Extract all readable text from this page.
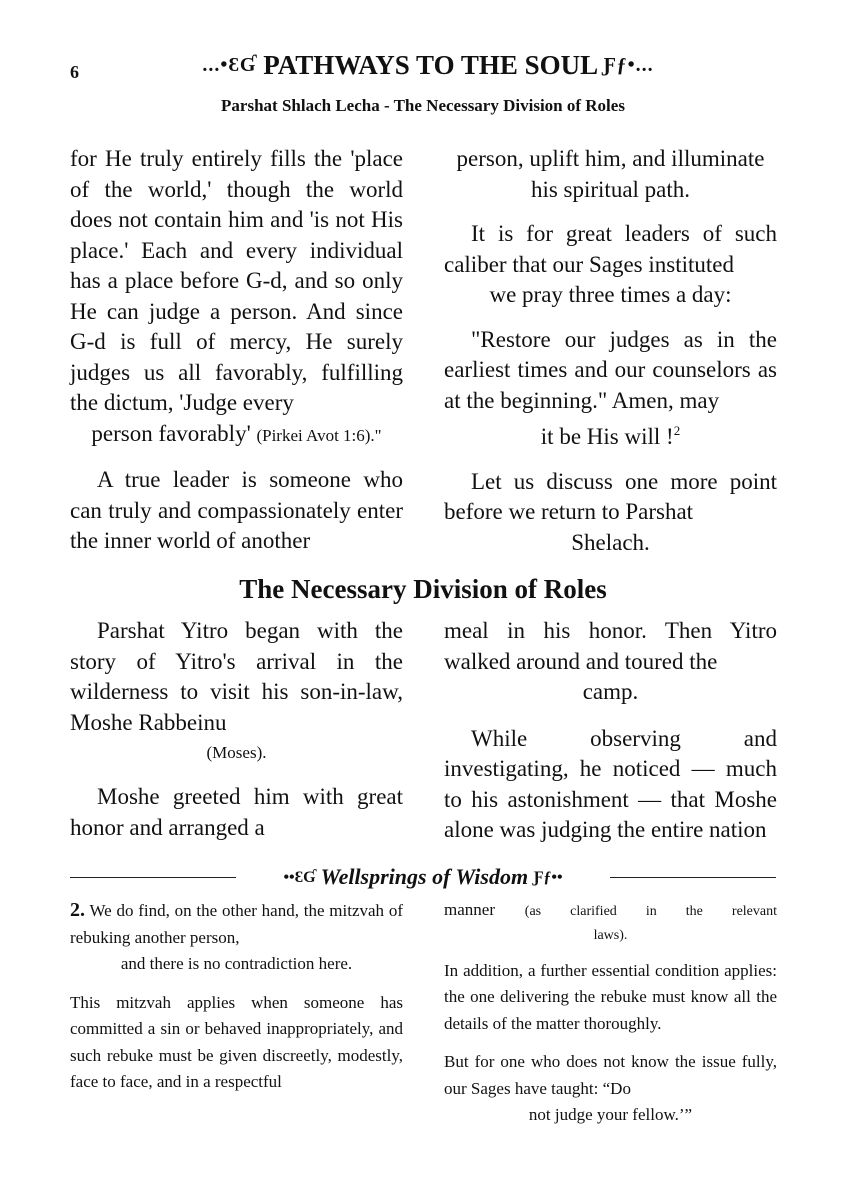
6	...•ƐƓ PATHWAYS TO THE SOUL Ƒƒ•...
Parshat Shlach Lecha - The Necessary Division of Roles

for He truly entirely fills the 'place of the world,' though the world does not contain him and 'is not His place.' Each and every individual has a place before G-d, and so only He can judge a person. And since G-d is full of mercy, He surely judges us all favorably, fulfilling the dictum, 'Judge every

person favorably' (Pirkei Avot 1:6)."

A true leader is someone who can truly and compassionately enter the inner world of another

person, uplift him, and illuminate his spiritual path.

It is for great leaders of such caliber that our Sages instituted

we pray three times a day:

"Restore our judges as in the earliest times and our counselors as at the beginning." Amen, may

it be His will !$^2$

Let us discuss one more point before we return to Parshat

Shelach.

The Necessary Division of Roles

Parshat Yitro began with the story of Yitro's arrival in the wilderness to visit his son-in-law, Moshe Rabbeinu

(Moses).

Moshe greeted him with great honor and arranged a

meal in his honor. Then Yitro walked around and toured the

camp.

While observing and

investigating, he noticed — much to his astonishment — that Moshe alone was judging the entire nation

••ƐƓ Wellsprings of Wisdom Ƒƒ••

2. We do find, on the other hand, the mitzvah of rebuking another person,

and there is no contradiction here.

This mitzvah applies when someone has committed a sin or behaved inappropriately, and such rebuke must be given discreetly, modestly, face to face, and in a respectful

manner (as clarified in the relevant

laws).

In addition, a further essential condition applies: the one delivering the rebuke must know all the details of the matter thoroughly.

But for one who does not know the issue fully, our Sages have taught: “Do

not judge your fellow.’”
